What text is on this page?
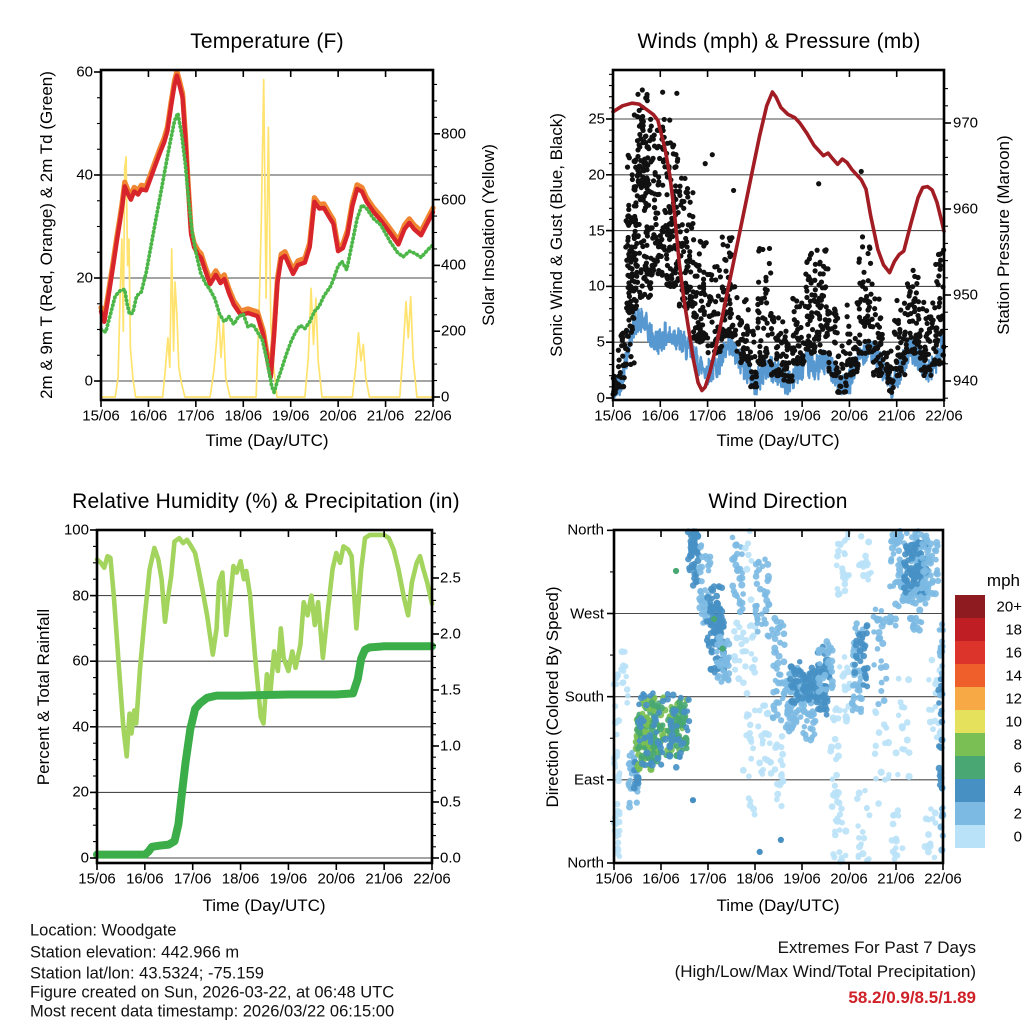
Temperature (F)	Winds (mph) & Pressure (mb)
Relative Humidity (%) & Precipitation (in)	Wind Direction
2m & 9m T (Red, Orange) & 2m Td (Green)	Solar Insolation (Yellow)	Sonic Wind & Gust (Blue, Black)	Station Pressure (Maroon)
Percent & Total Rainfall	Direction (Colored By Speed)
Time (Day/UTC)	Time (Day/UTC)
Time (Day/UTC)	Time (Day/UTC)
mph
Location: Woodgate
Station elevation: 442.966 m
Station lat/lon: 43.5324; -75.159
Figure created on Sun, 2026-03-22, at 06:48 UTC
Most recent data timestamp: 2026/03/22 06:15:00
Extremes For Past 7 Days
(High/Low/Max Wind/Total Precipitation)
58.2/0.9/8.5/1.89
0
20
40
60
0
200
400
600
800
0
5
10
15
20
25
940
950
960
970
0
20
40
60
80
100
0.0
0.5
1.0
1.5
2.0
2.5
North
West
South
East
North
15/06 16/06 17/06 18/06 19/06 20/06 21/06 22/06	15/06 16/06 17/06 18/06 19/06 20/06 21/06 22/06
15/06 16/06 17/06 18/06 19/06 20/06 21/06 22/06	15/06 16/06 17/06 18/06 19/06 20/06 21/06 22/06
20+
18
16
14
12
10
8
6
4
2
0
